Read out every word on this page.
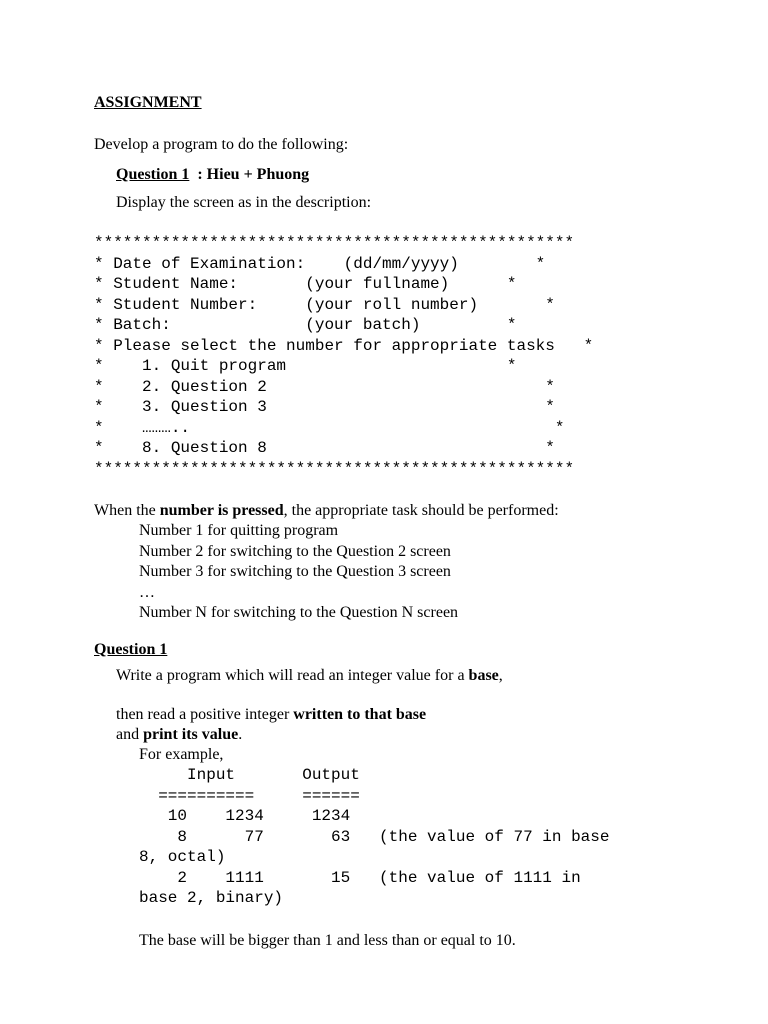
ASSIGNMENT
Develop a program to do the following:
Question 1  : Hieu + Phuong
Display the screen as in the description:
**************************************************
* Date of Examination:    (dd/mm/yyyy)        *
* Student Name:       (your fullname)      *
* Student Number:     (your roll number)       *
* Batch:              (your batch)         *
* Please select the number for appropriate tasks   *
*    1. Quit program                       *
*    2. Question 2                             *
*    3. Question 3                             *
*    ………..                                      *
*    8. Question 8                             *
**************************************************
When the number is pressed, the appropriate task should be performed:
Number 1 for quitting program
Number 2 for switching to the Question 2 screen
Number 3 for switching to the Question 3 screen
…
Number N for switching to the Question N screen
Question 1
Write a program which will read an integer value for a base,
then read a positive integer written to that base
and print its value.
For example,
Input       Output
==========     ======
10    1234     1234
8      77       63   (the value of 77 in base
8, octal)
2    1111       15   (the value of 1111 in
base 2, binary)
The base will be bigger than 1 and less than or equal to 10.
